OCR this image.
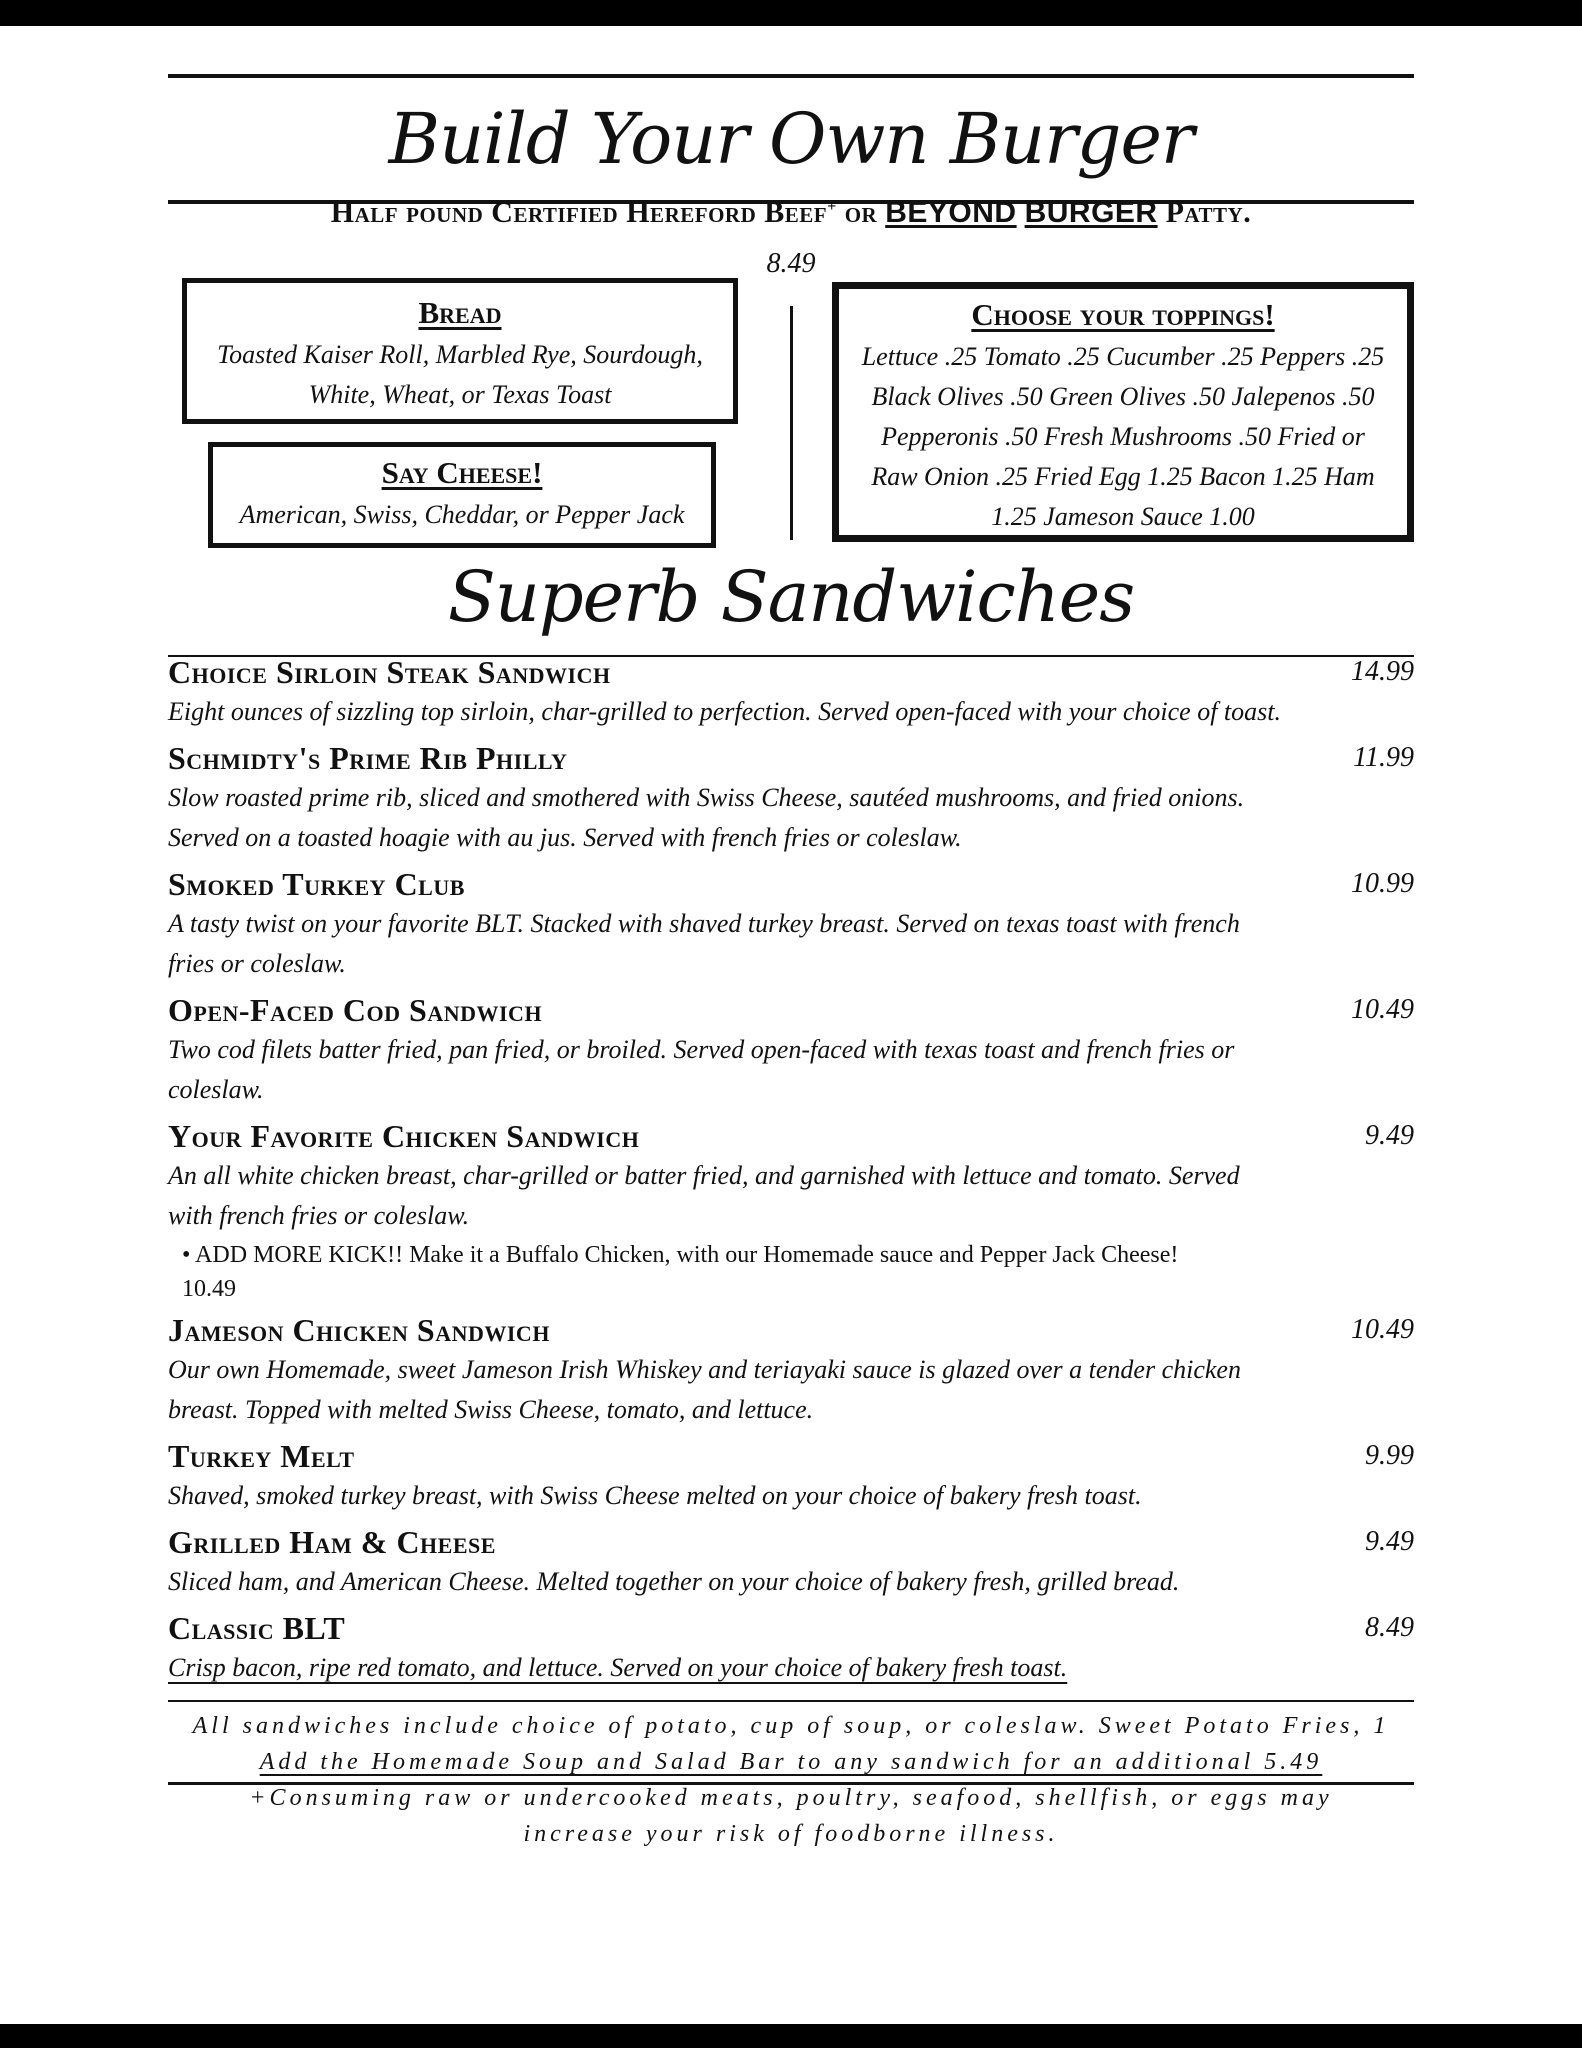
Build Your Own Burger
Half pound Certified Hereford Beef+ or BEYOND BURGER Patty.
8.49
Bread

Toasted Kaiser Roll, Marbled Rye, Sourdough,

White, Wheat, or Texas Toast

Say Cheese!

American, Swiss, Cheddar, or Pepper Jack

Choose your toppings!

Lettuce .25 Tomato .25 Cucumber .25 Peppers .25

Black Olives .50 Green Olives .50 Jalepenos .50

Pepperonis .50 Fresh Mushrooms .50 Fried or

Raw Onion .25 Fried Egg 1.25 Bacon 1.25 Ham

1.25 Jameson Sauce 1.00

Superb Sandwiches
Choice Sirloin Steak Sandwich	14.99
Eight ounces of sizzling top sirloin, char-grilled to perfection. Served open-faced with your choice of toast.
Schmidty's Prime Rib Philly	11.99
Slow roasted prime rib, sliced and smothered with Swiss Cheese, sautéed mushrooms, and fried onions.
Served on a toasted hoagie with au jus. Served with french fries or coleslaw.
Smoked Turkey Club	10.99
A tasty twist on your favorite BLT. Stacked with shaved turkey breast. Served on texas toast with french
fries or coleslaw.
Open-Faced Cod Sandwich	10.49
Two cod filets batter fried, pan fried, or broiled. Served open-faced with texas toast and french fries or
coleslaw.
Your Favorite Chicken Sandwich	9.49
An all white chicken breast, char-grilled or batter fried, and garnished with lettuce and tomato. Served
with french fries or coleslaw.
• ADD MORE KICK!! Make it a Buffalo Chicken, with our Homemade sauce and Pepper Jack Cheese!
10.49
Jameson Chicken Sandwich	10.49
Our own Homemade, sweet Jameson Irish Whiskey and teriayaki sauce is glazed over a tender chicken
breast. Topped with melted Swiss Cheese, tomato, and lettuce.
Turkey Melt	9.99
Shaved, smoked turkey breast, with Swiss Cheese melted on your choice of bakery fresh toast.
Grilled Ham & Cheese	9.49
Sliced ham, and American Cheese. Melted together on your choice of bakery fresh, grilled bread.
Classic BLT	8.49
Crisp bacon, ripe red tomato, and lettuce. Served on your choice of bakery fresh toast.
All sandwiches include choice of potato, cup of soup, or coleslaw. Sweet Potato Fries, 1
Add the Homemade Soup and Salad Bar to any sandwich for an additional 5.49
+Consuming raw or undercooked meats, poultry, seafood, shellfish, or eggs may
increase your risk of foodborne illness.
